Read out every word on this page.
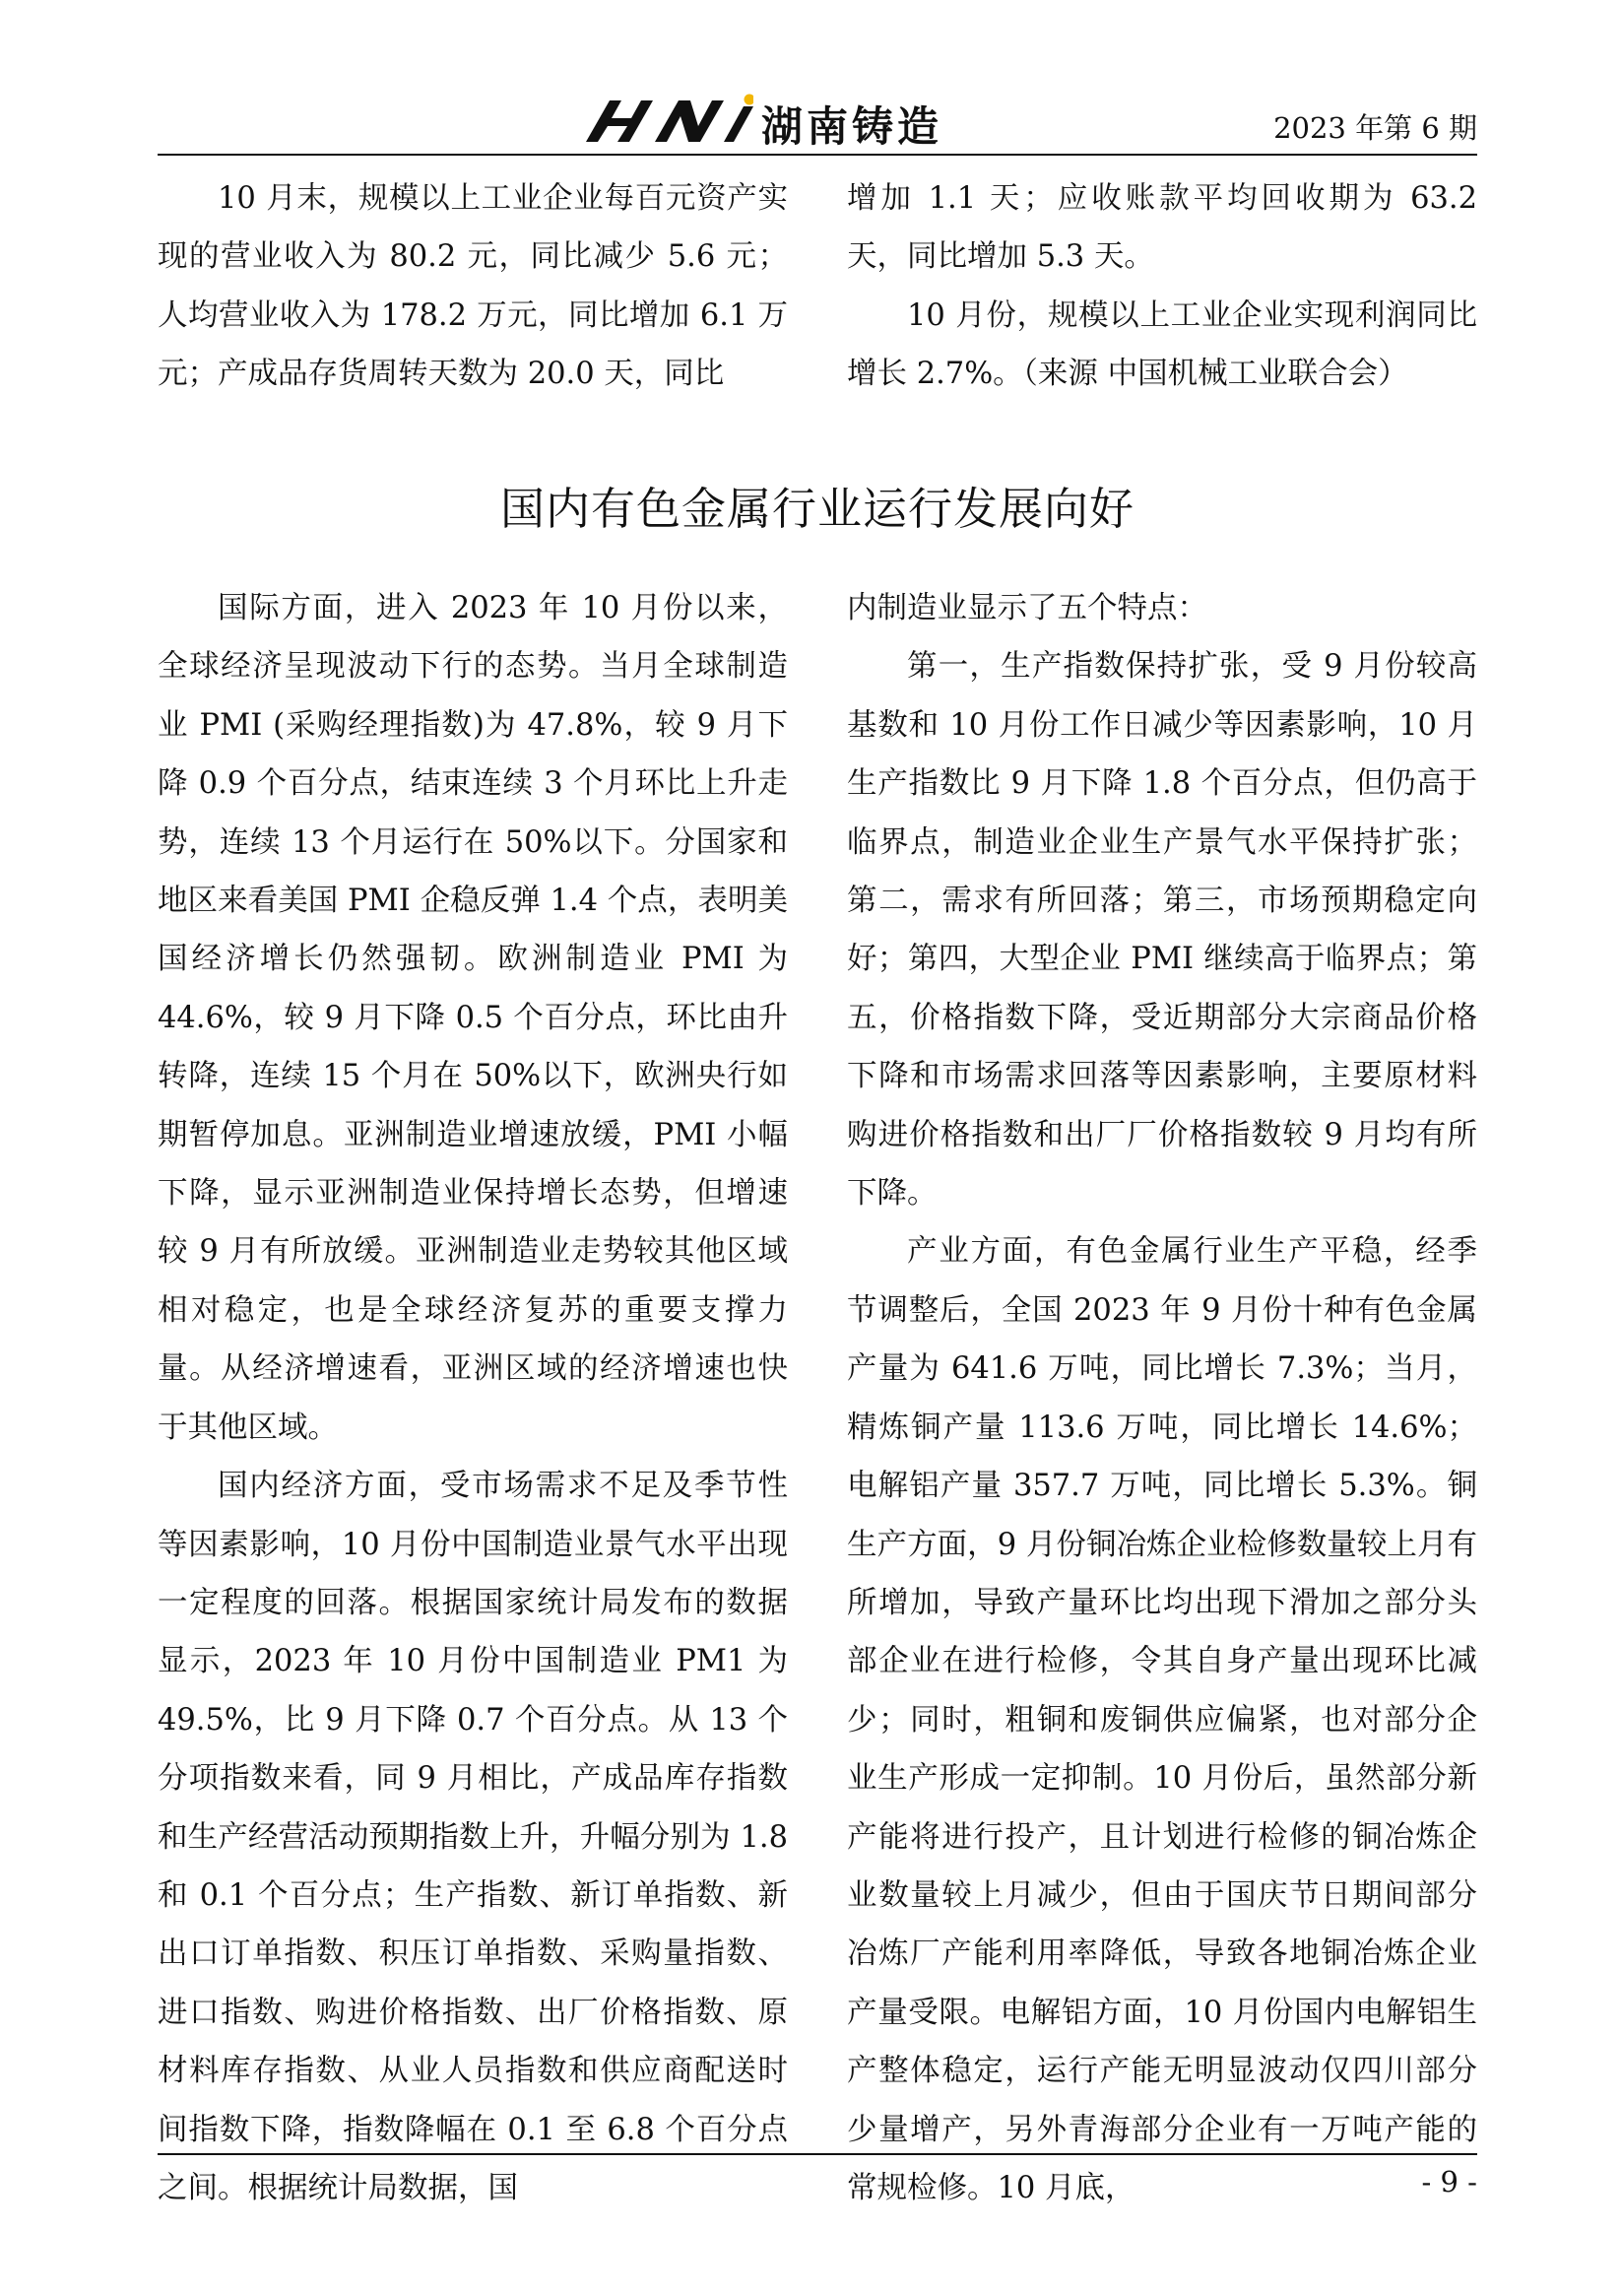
湖南铸造	2023 年第 6 期

10 月末，规模以上工业企业每百元资产实现的营业收入为 80.2 元，同比减少 5.6 元；人均营业收入为 178.2 万元，同比增加 6.1 万元；产成品存货周转天数为 20.0 天，同比

增加 1.1 天；应收账款平均回收期为 63.2 天，同比增加 5.3 天。

10 月份，规模以上工业企业实现利润同比增长 2.7%。（来源 中国机械工业联合会）

国内有色金属行业运行发展向好

国际方面，进入 2023 年 10 月份以来，全球经济呈现波动下行的态势。当月全球制造业 PMI (采购经理指数)为 47.8%，较 9 月下降 0.9 个百分点，结束连续 3 个月环比上升走势，连续 13 个月运行在 50%以下。分国家和地区来看美国 PMI 企稳反弹 1.4 个点，表明美国经济增长仍然强韧。欧洲制造业 PMI 为 44.6%，较 9 月下降 0.5 个百分点，环比由升转降，连续 15 个月在 50%以下，欧洲央行如期暂停加息。亚洲制造业增速放缓，PMI 小幅下降，显示亚洲制造业保持增长态势，但增速较 9 月有所放缓。亚洲制造业走势较其他区域相对稳定，也是全球经济复苏的重要支撑力量。从经济增速看，亚洲区域的经济增速也快于其他区域。

国内经济方面，受市场需求不足及季节性等因素影响，10 月份中国制造业景气水平出现一定程度的回落。根据国家统计局发布的数据显示，2023 年 10 月份中国制造业 PM1 为 49.5%，比 9 月下降 0.7 个百分点。从 13 个分项指数来看，同 9 月相比，产成品库存指数和生产经营活动预期指数上升，升幅分别为 1.8 和 0.1 个百分点；生产指数、新订单指数、新出口订单指数、积压订单指数、采购量指数、进口指数、购进价格指数、出厂价格指数、原材料库存指数、从业人员指数和供应商配送时间指数下降，指数降幅在 0.1 至 6.8 个百分点之间。根据统计局数据，国

内制造业显示了五个特点：

第一，生产指数保持扩张，受 9 月份较高基数和 10 月份工作日减少等因素影响，10 月生产指数比 9 月下降 1.8 个百分点，但仍高于临界点，制造业企业生产景气水平保持扩张；第二，需求有所回落；第三，市场预期稳定向好；第四，大型企业 PMI 继续高于临界点；第五，价格指数下降，受近期部分大宗商品价格下降和市场需求回落等因素影响，主要原材料购进价格指数和出厂厂价格指数较 9 月均有所下降。

产业方面，有色金属行业生产平稳，经季节调整后，全国 2023 年 9 月份十种有色金属产量为 641.6 万吨，同比增长 7.3%；当月，精炼铜产量 113.6 万吨，同比增长 14.6%；电解铝产量 357.7 万吨，同比增长 5.3%。铜生产方面，9 月份铜冶炼企业检修数量较上月有所增加，导致产量环比均出现下滑加之部分头部企业在进行检修，令其自身产量出现环比减少；同时，粗铜和废铜供应偏紧，也对部分企业生产形成一定抑制。10 月份后，虽然部分新产能将进行投产，且计划进行检修的铜冶炼企业数量较上月减少，但由于国庆节日期间部分冶炼厂产能利用率降低，导致各地铜冶炼企业产量受限。电解铝方面，10 月份国内电解铝生产整体稳定，运行产能无明显波动仅四川部分少量增产，另外青海部分企业有一万吨产能的常规检修。10 月底，	- 9 -
